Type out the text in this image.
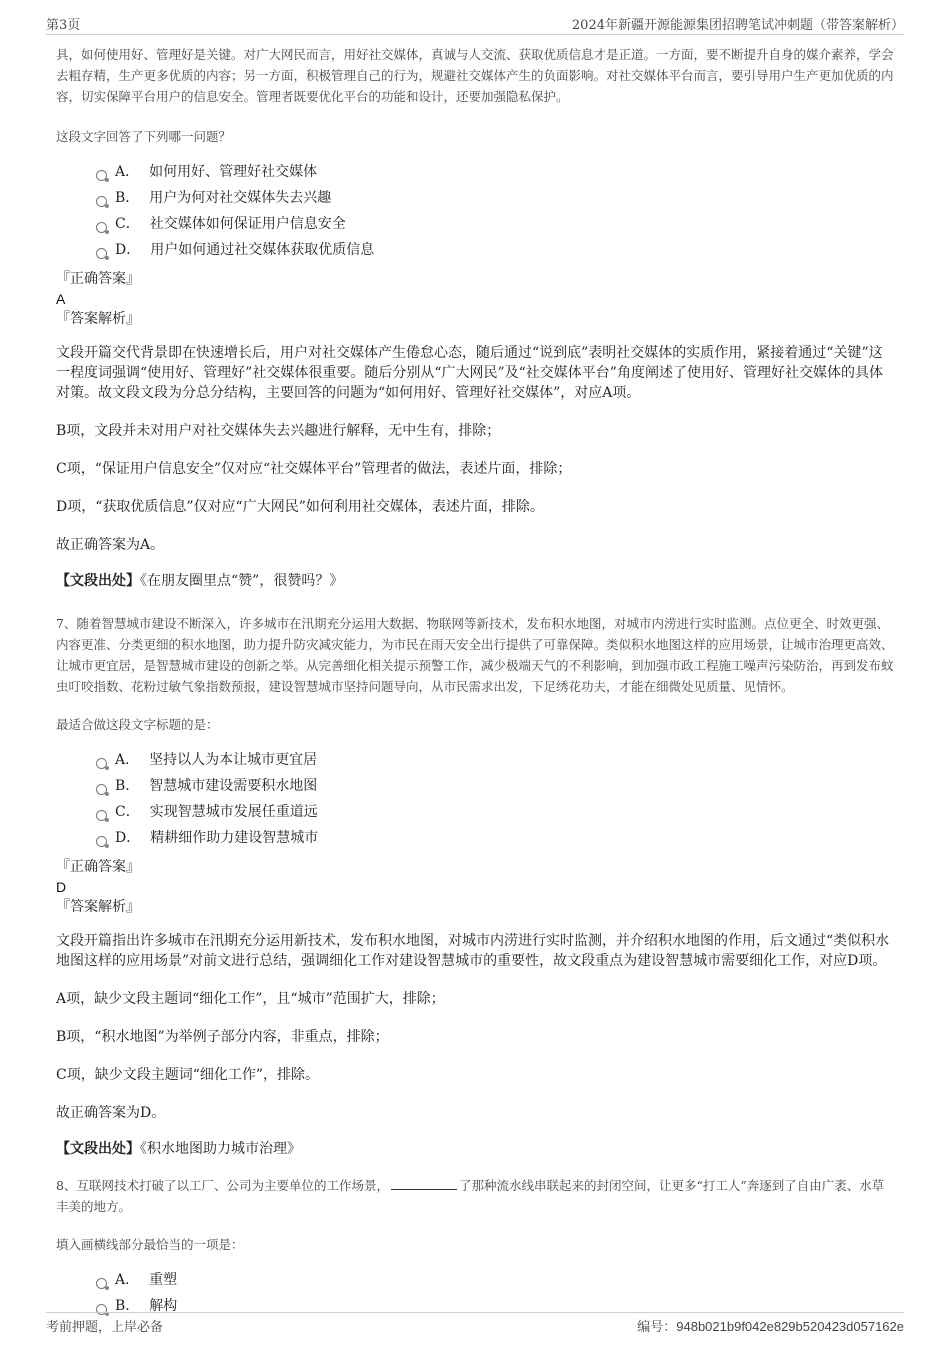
第3页	2024年新疆开源能源集团招聘笔试冲刺题（带答案解析）

具，如何使用好、管理好是关键。对广大网民而言，用好社交媒体，真诚与人交流、获取优质信息才是正道。一方面，要不断提升自身的媒介素养，学会去粗存精，生产更多优质的内容；另一方面，积极管理自己的行为，规避社交媒体产生的负面影响。对社交媒体平台而言，要引导用户生产更加优质的内容，切实保障平台用户的信息安全。管理者既要优化平台的功能和设计，还要加强隐私保护。

这段文字回答了下列哪一问题？

A． 如何用好、管理好社交媒体
B． 用户为何对社交媒体失去兴趣
C． 社交媒体如何保证用户信息安全
D． 用户如何通过社交媒体获取优质信息

『正确答案』

A

『答案解析』

文段开篇交代背景即在快速增长后，用户对社交媒体产生倦怠心态，随后通过“说到底”表明社交媒体的实质作用，紧接着通过“关键”这一程度词强调“使用好、管理好”社交媒体很重要。随后分别从“广大网民”及“社交媒体平台”角度阐述了使用好、管理好社交媒体的具体对策。故文段文段为分总分结构，主要回答的问题为“如何用好、管理好社交媒体”，对应A项。

B项，文段并未对用户对社交媒体失去兴趣进行解释，无中生有，排除；

C项，“保证用户信息安全”仅对应“社交媒体平台”管理者的做法，表述片面，排除；

D项，“获取优质信息”仅对应“广大网民”如何利用社交媒体，表述片面，排除。

故正确答案为A。

【文段出处】《在朋友圈里点“赞”，很赞吗？》

7、随着智慧城市建设不断深入，许多城市在汛期充分运用大数据、物联网等新技术，发布积水地图，对城市内涝进行实时监测。点位更全、时效更强、内容更准、分类更细的积水地图，助力提升防灾减灾能力，为市民在雨天安全出行提供了可靠保障。类似积水地图这样的应用场景，让城市治理更高效、让城市更宜居，是智慧城市建设的创新之举。从完善细化相关提示预警工作，减少极端天气的不利影响，到加强市政工程施工噪声污染防治，再到发布蚊虫叮咬指数、花粉过敏气象指数预报，建设智慧城市坚持问题导向，从市民需求出发，下足绣花功夫，才能在细微处见质量、见情怀。

最适合做这段文字标题的是：

A． 坚持以人为本让城市更宜居
B． 智慧城市建设需要积水地图
C． 实现智慧城市发展任重道远
D． 精耕细作助力建设智慧城市

『正确答案』

D

『答案解析』

文段开篇指出许多城市在汛期充分运用新技术，发布积水地图，对城市内涝进行实时监测，并介绍积水地图的作用，后文通过“类似积水地图这样的应用场景”对前文进行总结，强调细化工作对建设智慧城市的重要性，故文段重点为建设智慧城市需要细化工作，对应D项。

A项，缺少文段主题词“细化工作”，且“城市”范围扩大，排除；

B项，“积水地图”为举例子部分内容，非重点，排除；

C项，缺少文段主题词“细化工作”，排除。

故正确答案为D。

【文段出处】《积水地图助力城市治理》

8、互联网技术打破了以工厂、公司为主要单位的工作场景，	了那种流水线串联起来的封闭空间，让更多“打工人”奔逐到了自由广袤、水草丰美的地方。

填入画横线部分最恰当的一项是：

A． 重塑
B． 解构
考前押题，上岸必备	编号：948b021b9f042e829b520423d057162e
